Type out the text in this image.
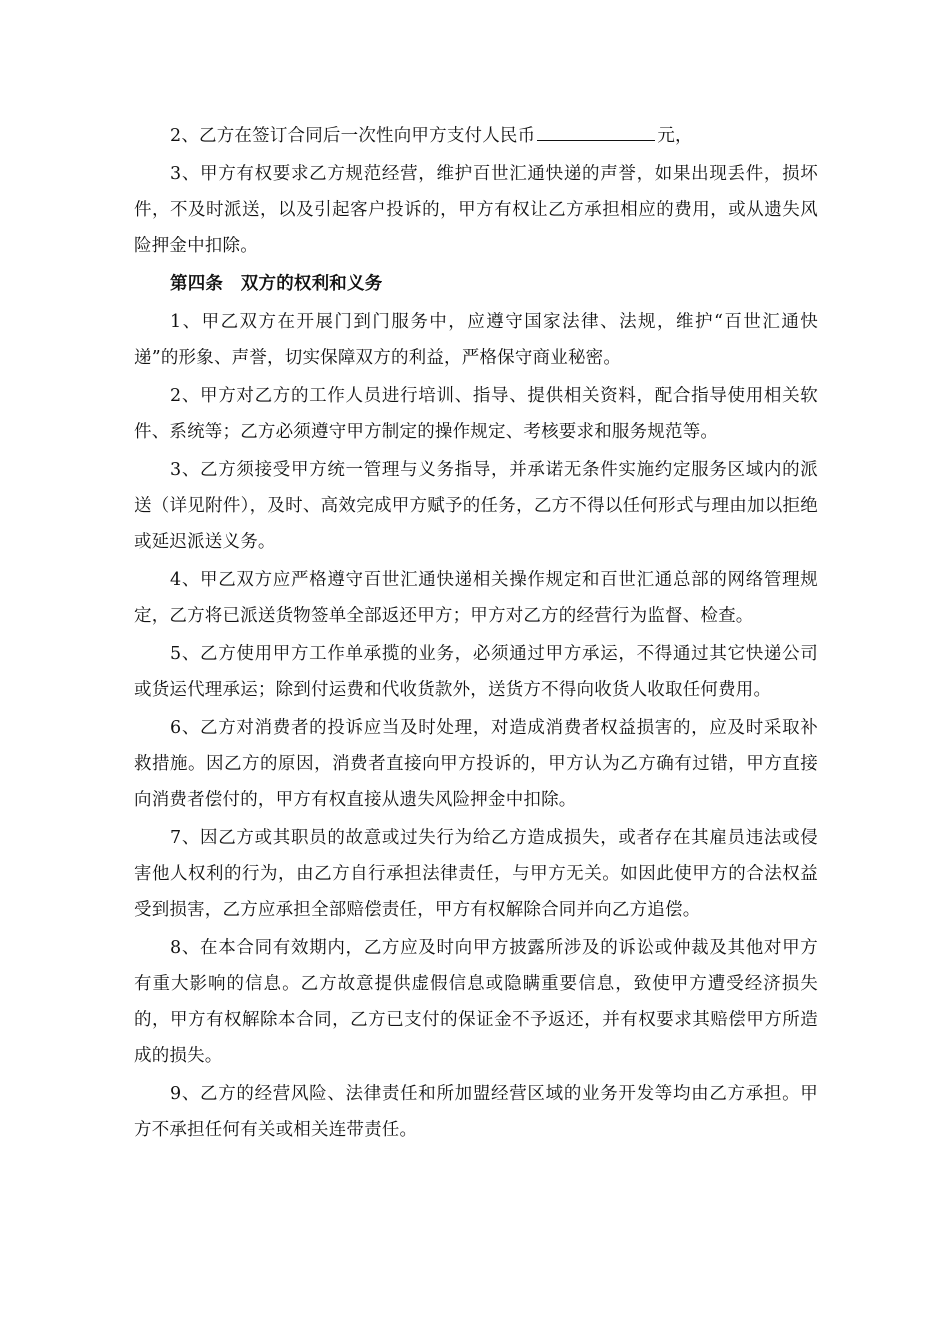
2、乙方在签订合同后一次性向甲方支付人民币	元，

3、甲方有权要求乙方规范经营，维护百世汇通快递的声誉，如果出现丢件，损坏件，不及时派送，以及引起客户投诉的，甲方有权让乙方承担相应的费用，或从遗失风险押金中扣除。

第四条　双方的权利和义务

1、甲乙双方在开展门到门服务中，应遵守国家法律、法规，维护“百世汇通快递”的形象、声誉，切实保障双方的利益，严格保守商业秘密。

2、甲方对乙方的工作人员进行培训、指导、提供相关资料，配合指导使用相关软件、系统等；乙方必须遵守甲方制定的操作规定、考核要求和服务规范等。

3、乙方须接受甲方统一管理与义务指导，并承诺无条件实施约定服务区域内的派送（详见附件），及时、高效完成甲方赋予的任务，乙方不得以任何形式与理由加以拒绝或延迟派送义务。

4、甲乙双方应严格遵守百世汇通快递相关操作规定和百世汇通总部的网络管理规定，乙方将已派送货物签单全部返还甲方；甲方对乙方的经营行为监督、检查。

5、乙方使用甲方工作单承揽的业务，必须通过甲方承运，不得通过其它快递公司或货运代理承运；除到付运费和代收货款外，送货方不得向收货人收取任何费用。

6、乙方对消费者的投诉应当及时处理，对造成消费者权益损害的，应及时采取补救措施。因乙方的原因，消费者直接向甲方投诉的，甲方认为乙方确有过错，甲方直接向消费者偿付的，甲方有权直接从遗失风险押金中扣除。

7、因乙方或其职员的故意或过失行为给乙方造成损失，或者存在其雇员违法或侵害他人权利的行为，由乙方自行承担法律责任，与甲方无关。如因此使甲方的合法权益受到损害，乙方应承担全部赔偿责任，甲方有权解除合同并向乙方追偿。

8、在本合同有效期内，乙方应及时向甲方披露所涉及的诉讼或仲裁及其他对甲方有重大影响的信息。乙方故意提供虚假信息或隐瞒重要信息，致使甲方遭受经济损失的，甲方有权解除本合同，乙方已支付的保证金不予返还，并有权要求其赔偿甲方所造成的损失。

9、乙方的经营风险、法律责任和所加盟经营区域的业务开发等均由乙方承担。甲方不承担任何有关或相关连带责任。
